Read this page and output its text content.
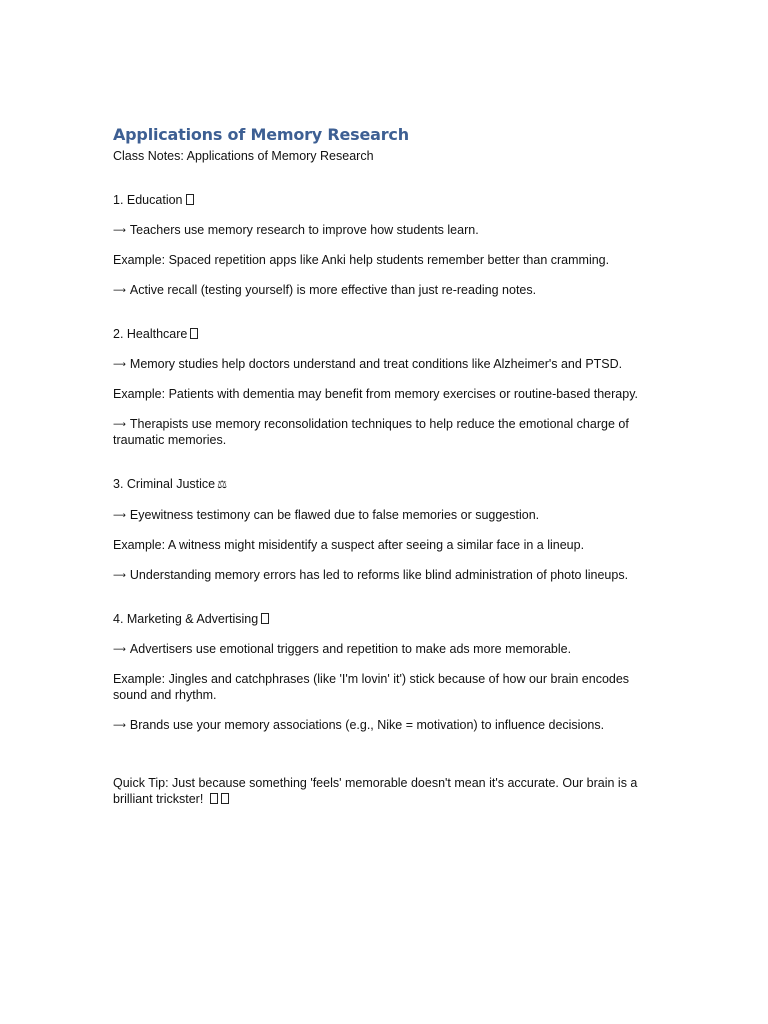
Applications of Memory Research

Class Notes: Applications of Memory Research

1. Education

⟶ Teachers use memory research to improve how students learn.

Example: Spaced repetition apps like Anki help students remember better than cramming.

⟶ Active recall (testing yourself) is more effective than just re-reading notes.

2. Healthcare

⟶ Memory studies help doctors understand and treat conditions like Alzheimer's and PTSD.

Example: Patients with dementia may benefit from memory exercises or routine-based therapy.

⟶ Therapists use memory reconsolidation techniques to help reduce the emotional charge of traumatic memories.

3. Criminal Justice ⚖

⟶ Eyewitness testimony can be flawed due to false memories or suggestion.

Example: A witness might misidentify a suspect after seeing a similar face in a lineup.

⟶ Understanding memory errors has led to reforms like blind administration of photo lineups.

4. Marketing & Advertising

⟶ Advertisers use emotional triggers and repetition to make ads more memorable.

Example: Jingles and catchphrases (like 'I'm lovin' it') stick because of how our brain encodes sound and rhythm.

⟶ Brands use your memory associations (e.g., Nike = motivation) to influence decisions.

Quick Tip: Just because something 'feels' memorable doesn't mean it's accurate. Our brain is a brilliant trickster!
